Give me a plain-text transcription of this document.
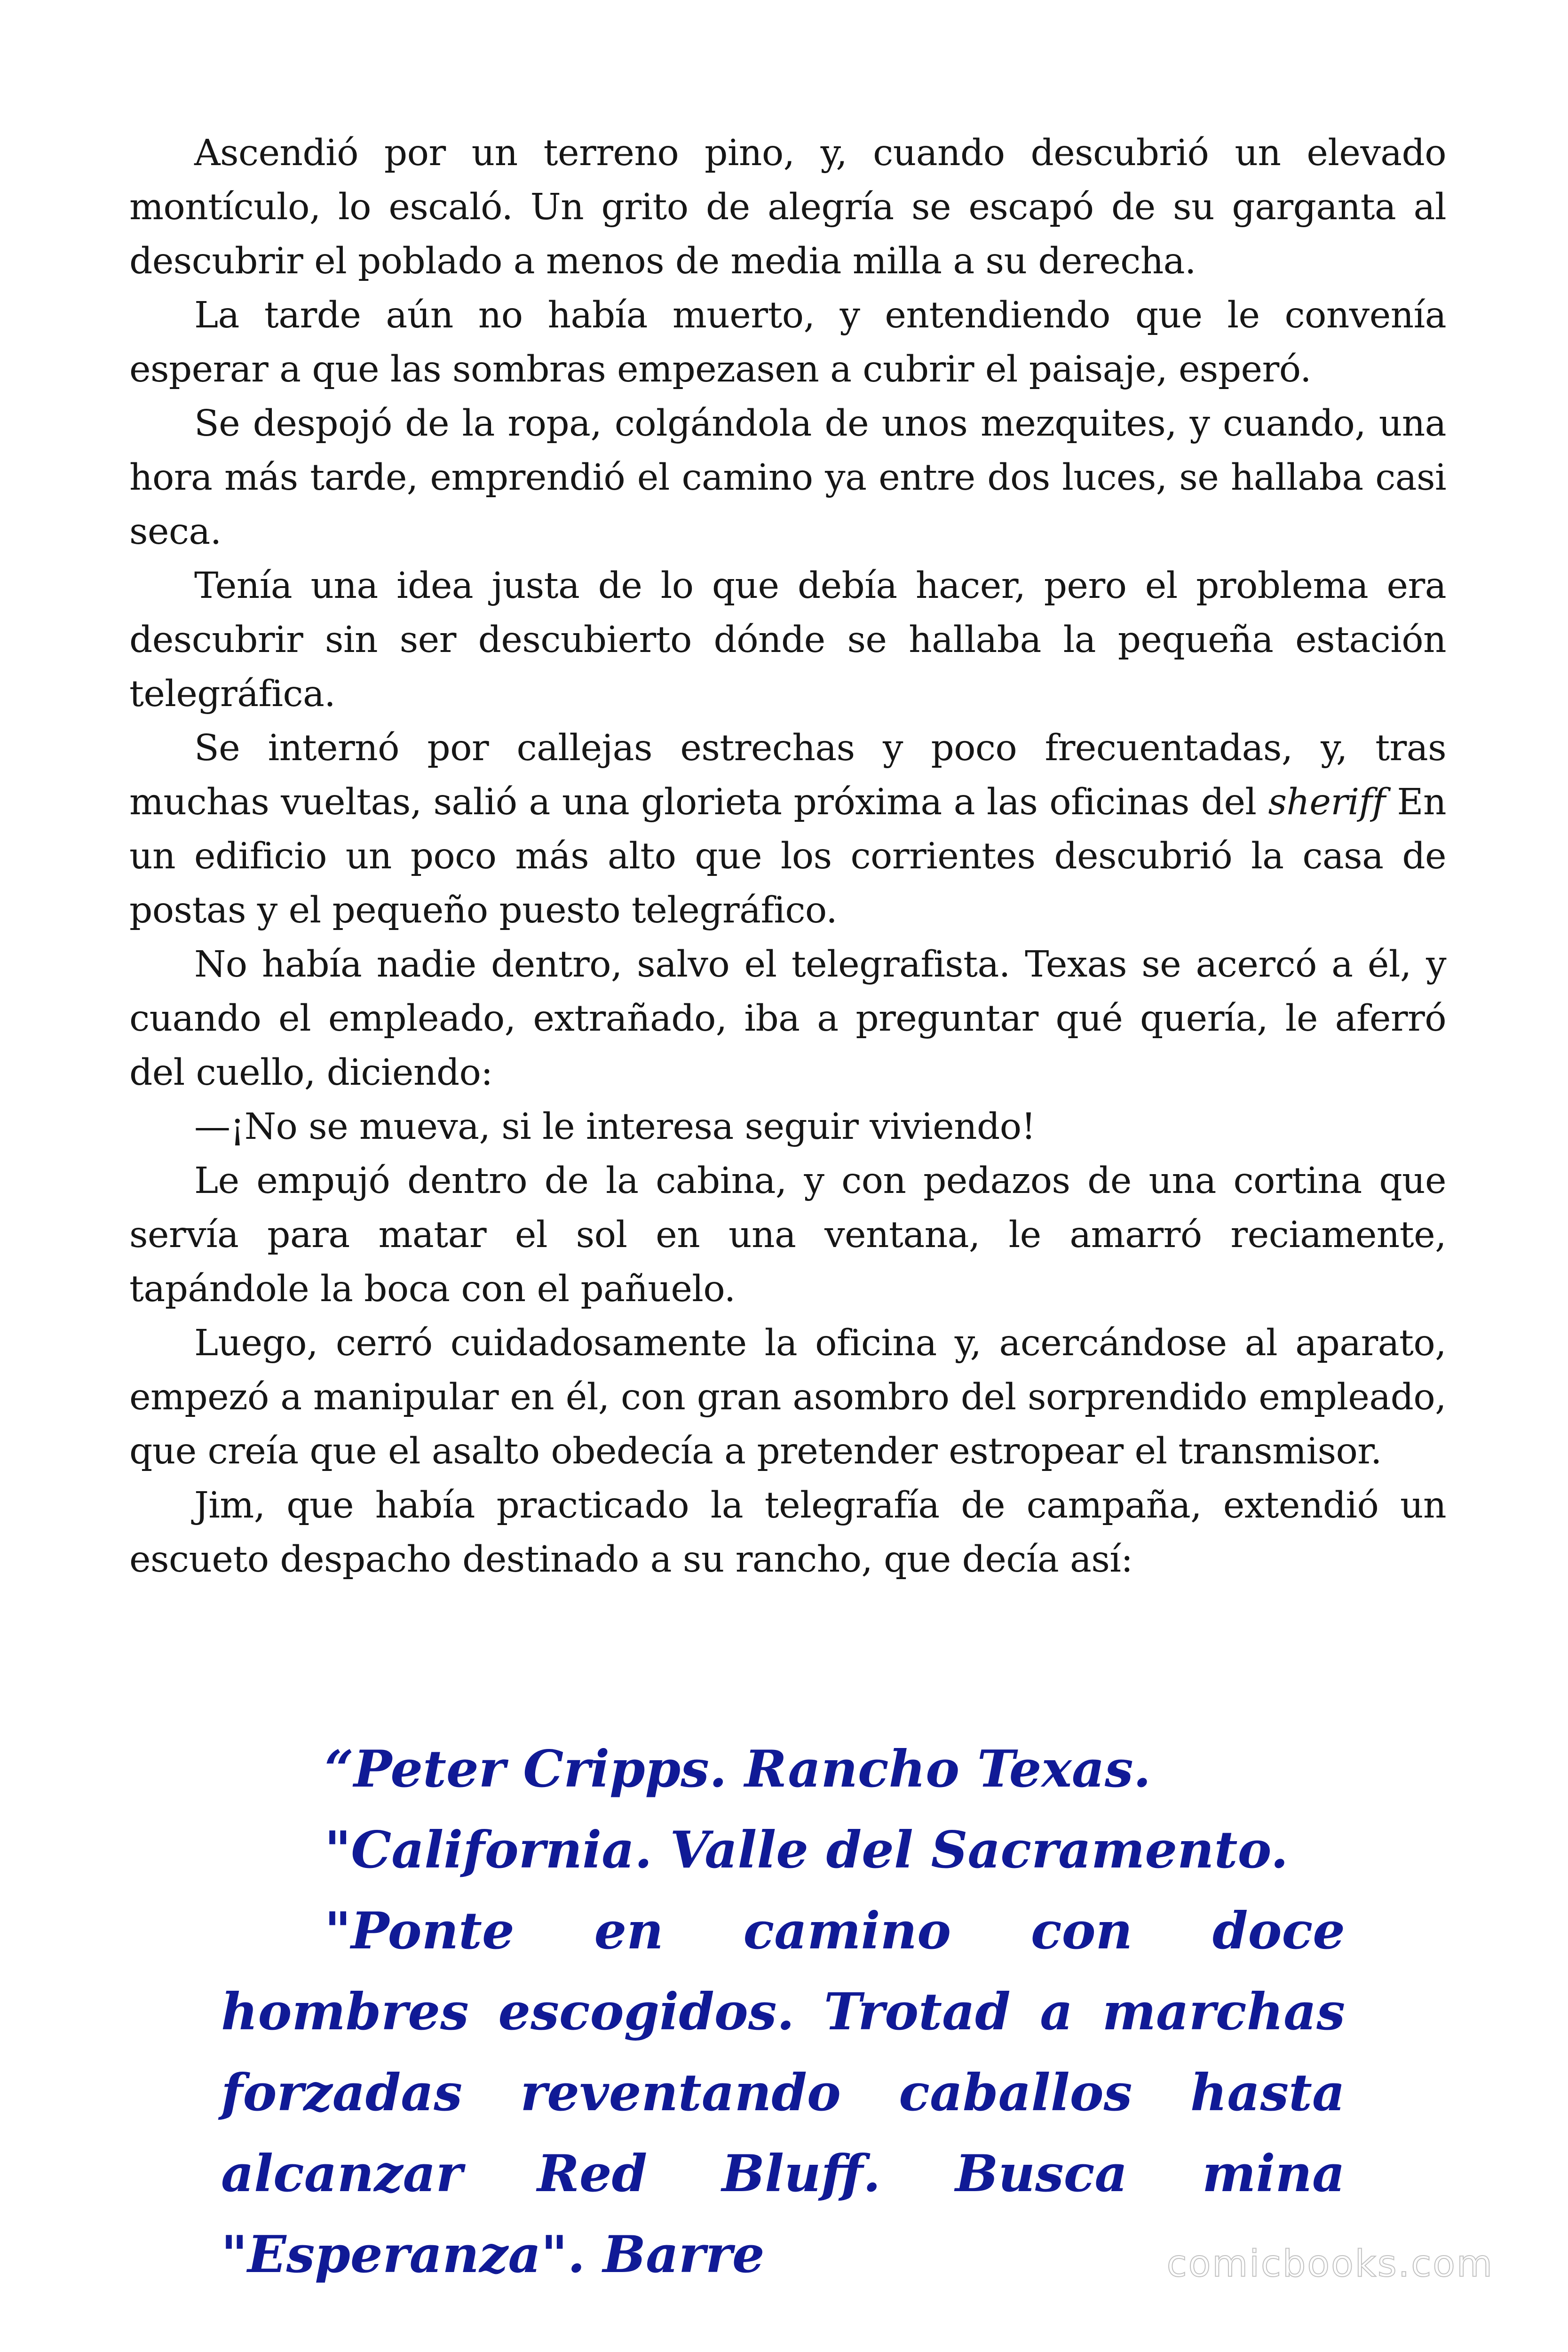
Ascendió por un terreno pino, y, cuando descubrió un elevado montículo, lo escaló. Un grito de alegría se escapó de su garganta al descubrir el poblado a menos de media milla a su derecha.

La tarde aún no había muerto, y entendiendo que le convenía esperar a que las sombras empezasen a cubrir el paisaje, esperó.

Se despojó de la ropa, colgándola de unos mezquites, y cuando, una hora más tarde, emprendió el camino ya entre dos luces, se hallaba casi seca.

Tenía una idea justa de lo que debía hacer, pero el problema era descubrir sin ser descubierto dónde se hallaba la pequeña estación telegráfica.

Se internó por callejas estrechas y poco frecuentadas, y, tras muchas vueltas, salió a una glorieta próxima a las oficinas del sheriff En un edificio un poco más alto que los corrientes descubrió la casa de postas y el pequeño puesto telegráfico.

No había nadie dentro, salvo el telegrafista. Texas se acercó a él, y cuando el empleado, extrañado, iba a preguntar qué quería, le aferró del cuello, diciendo:

—¡No se mueva, si le interesa seguir viviendo!

Le empujó dentro de la cabina, y con pedazos de una cortina que servía para matar el sol en una ventana, le amarró reciamente, tapándole la boca con el pañuelo.

Luego, cerró cuidadosamente la oficina y, acercándose al aparato, empezó a manipular en él, con gran asombro del sorprendido empleado, que creía que el asalto obedecía a pretender estropear el transmisor.

Jim, que había practicado la telegrafía de campaña, extendió un escueto despacho destinado a su rancho, que decía así:

“Peter Cripps. Rancho Texas.

"California. Valle del Sacramento.

"Ponte en camino con doce hombres escogidos. Trotad a marchas forzadas reventando caballos hasta alcanzar Red Bluff. Busca mina "Esperanza". Barre	comicbooks.com
